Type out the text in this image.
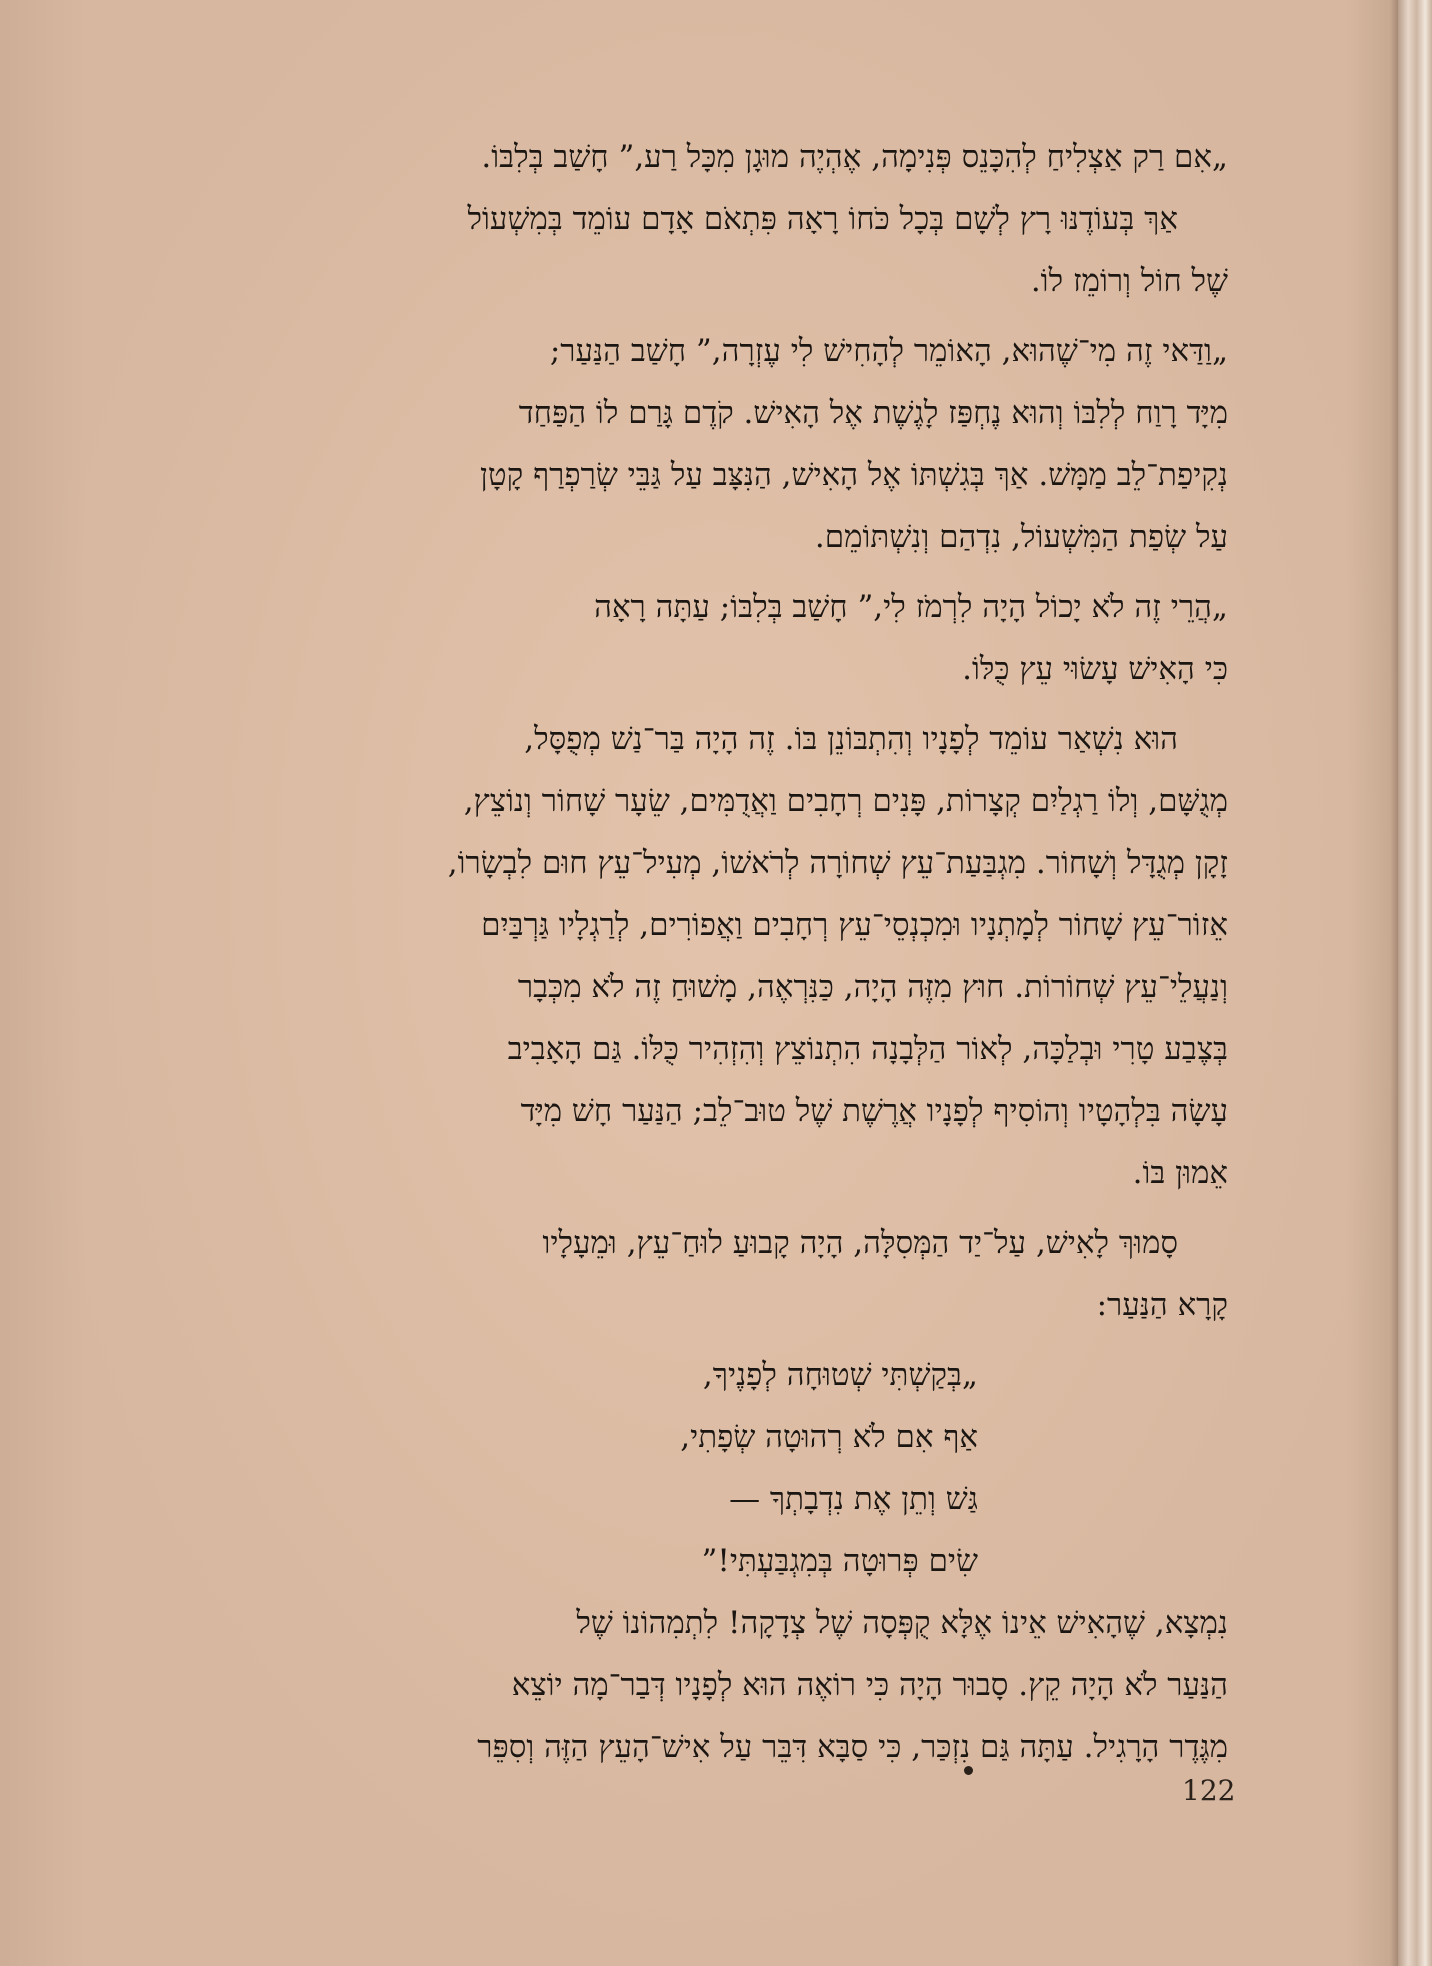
„אִם רַק אַצְלִיחַ לְהִכָּנֵס פְּנִימָה, אֶהְיֶה מוּגָן מִכָּל רַע,” חָשַׁב בְּלִבּוֹ.
אַךְ בְּעוֹדֶנּוּ רָץ לְשָׁם בְּכָל כֹּחוֹ רָאָה פִּתְאֹם אָדָם עוֹמֵד בְּמִשְׁעוֹל
שֶׁל חוֹל וְרוֹמֵז לוֹ.
„וַדַּאי זֶה מִי־שֶׁהוּא, הָאוֹמֵר לְהָחִישׁ לִי עֶזְרָה,” חָשַׁב הַנַּעַר;
מִיָּד רָוַח לְלִבּוֹ וְהוּא נֶחְפַּז לָגֶשֶׁת אֶל הָאִישׁ. קֹדֶם גָּרַם לוֹ הַפַּחַד
נְקִיפַת־לֵב מַמָּשׁ. אַךְ בְּגִשְׁתּוֹ אֶל הָאִישׁ, הַנִּצָּב עַל גַּבֵּי שְׂרַפְרַף קָטָן
עַל שְׂפַת הַמִּשְׁעוֹל, נִדְהַם וְנִשְׁתּוֹמֵם.
„הֲרֵי זֶה לֹא יָכוֹל הָיָה לִרְמֹז לִי,” חָשַׁב בְּלִבּוֹ; עַתָּה רָאָה
כִּי הָאִישׁ עָשׂוּי עֵץ כֻּלּוֹ.
הוּא נִשְׁאַר עוֹמֵד לְפָנָיו וְהִתְבּוֹנֵן בּוֹ. זֶה הָיָה בַּר־נַשׁ מְפֻסָּל,
מְגֻשָּׁם, וְלוֹ רַגְלַיִם קְצָרוֹת, פָּנִים רְחָבִים וַאֲדֻמִּים, שֵׂעָר שָׁחוֹר וְנוֹצֵץ,
זָקָן מְגֻדָּל וְשָׁחוֹר. מִגְבַּעַת־עֵץ שְׁחוֹרָה לְרֹאשׁוֹ, מְעִיל־עֵץ חוּם לִבְשָׂרוֹ,
אֵזוֹר־עֵץ שָׁחוֹר לְמָתְנָיו וּמִכְנְסֵי־עֵץ רְחָבִים וַאֲפוֹרִים, לְרַגְלָיו גַּרְבַּיִם
וְנַעֲלֵי־עֵץ שְׁחוֹרוֹת. חוּץ מִזֶּה הָיָה, כַּנִּרְאֶה, מָשׁוּחַ זֶה לֹא מִכְּבָר
בְּצֶבַע טָרִי וּבְלַכָּה, לְאוֹר הַלְּבָנָה הִתְנוֹצֵץ וְהִזְהִיר כֻּלּוֹ. גַּם הָאָבִיב
עָשָׂה בִּלְהָטָיו וְהוֹסִיף לְפָנָיו אֲרֶשֶׁת שֶׁל טוּב־לֵב; הַנַּעַר חָשׁ מִיָּד
אֵמוּן בּוֹ.
סָמוּךְ לָאִישׁ, עַל־יַד הַמְּסִלָּה, הָיָה קָבוּעַ לוּחַ־עֵץ, וּמֵעָלָיו
קָרָא הַנַּעַר:
„בְּקַשְׁתִּי שְׁטוּחָה לְפָנֶיךָ,
אַף אִם לֹא רְהוּטָה שְׂפָתִי,
גַּשׁ וְתֵן אֶת נִדְבָתְךָ —
שִׂים פְּרוּטָה בְּמִגְבַּעְתִּי!”
נִמְצָא, שֶׁהָאִישׁ אֵינוֹ אֶלָּא קֻפְּסָה שֶׁל צְדָקָה! לִתְמִהוֹנוֹ שֶׁל
הַנַּעַר לֹא הָיָה קֵץ. סָבוּר הָיָה כִּי רוֹאֶה הוּא לְפָנָיו דְּבַר־מָה יוֹצֵא
מִגֶּדֶר הָרָגִיל. עַתָּה גַּם נִזְכַּר, כִּי סַבָּא דִּבֵּר עַל אִישׁ־הָעֵץ הַזֶּה וְסִפֵּר
122
